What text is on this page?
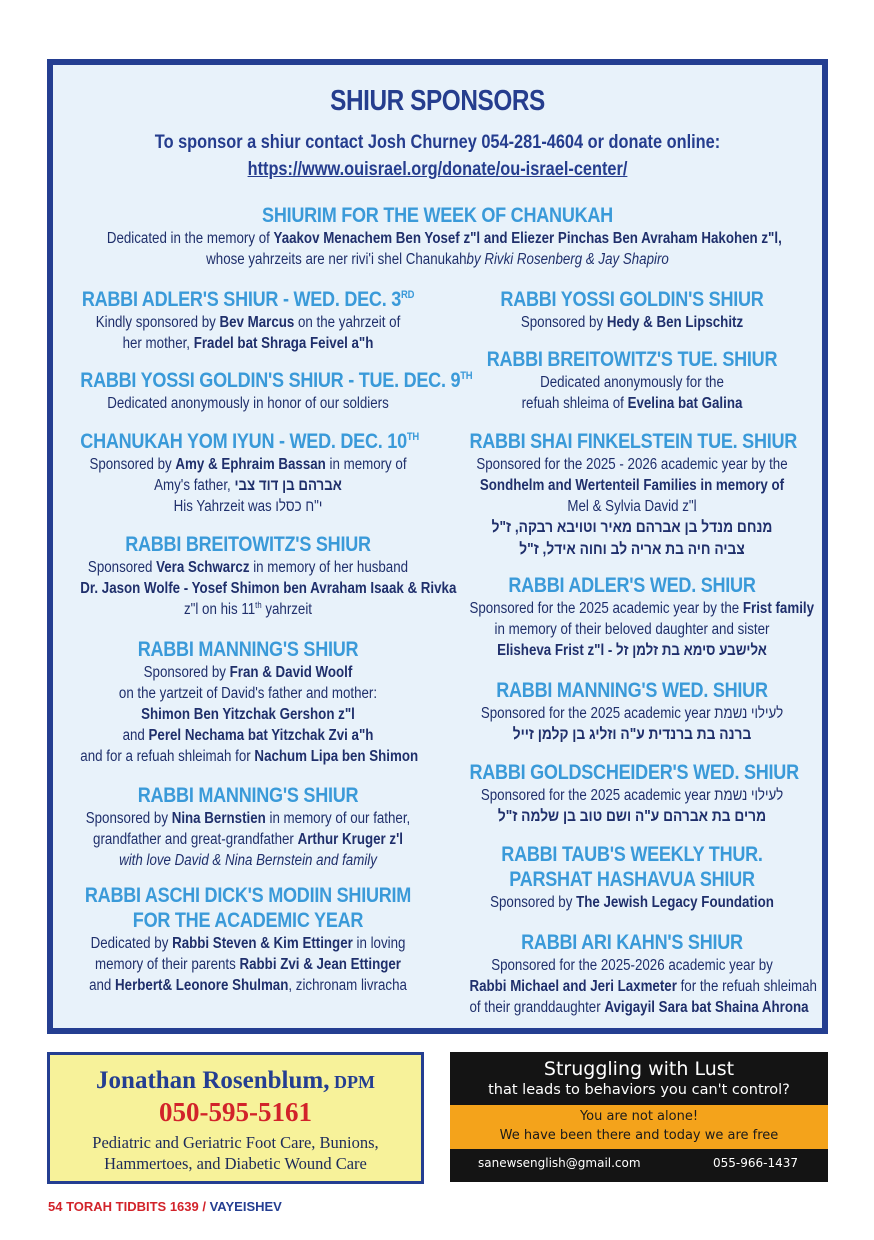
SHIUR SPONSORS
To sponsor a shiur contact Josh Churney 054-281-4604 or donate online:
https://www.ouisrael.org/donate/ou-israel-center/
SHIURIM FOR THE WEEK OF CHANUKAH
Dedicated in the memory of Yaakov Menachem Ben Yosef z"l and Eliezer Pinchas Ben Avraham Hakohen z"l,
whose yahrzeits are ner rivi'i shel Chanukahby Rivki Rosenberg & Jay Shapiro
RABBI ADLER'S SHIUR - WED. DEC. 3RD
Kindly sponsored by Bev Marcus on the yahrzeit of
her mother, Fradel bat Shraga Feivel a"h
RABBI YOSSI GOLDIN'S SHIUR - TUE. DEC. 9TH
Dedicated anonymously in honor of our soldiers
CHANUKAH YOM IYUN - WED. DEC. 10TH
Sponsored by Amy & Ephraim Bassan in memory of
Amy's father, אברהם בן דוד צבי
His Yahrzeit was י"ח כסלו
RABBI BREITOWITZ'S SHIUR
Sponsored Vera Schwarcz in memory of her husband
Dr. Jason Wolfe - Yosef Shimon ben Avraham Isaak & Rivka
z"l on his 11th yahrzeit
RABBI MANNING'S SHIUR
Sponsored by Fran & David Woolf
on the yartzeit of David's father and mother:
Shimon Ben Yitzchak Gershon z"l
and Perel Nechama bat Yitzchak Zvi a"h
and for a refuah shleimah for Nachum Lipa ben Shimon
RABBI MANNING'S SHIUR
Sponsored by Nina Bernstien in memory of our father,
grandfather and great-grandfather Arthur Kruger z'l
with love David & Nina Bernstein and family
RABBI ASCHI DICK'S MODIIN SHIURIM
FOR THE ACADEMIC YEAR
Dedicated by Rabbi Steven & Kim Ettinger in loving
memory of their parents Rabbi Zvi & Jean Ettinger
and Herbert& Leonore Shulman, zichronam livracha
RABBI YOSSI GOLDIN'S SHIUR
Sponsored by Hedy & Ben Lipschitz
RABBI BREITOWITZ'S TUE. SHIUR
Dedicated anonymously for the
refuah shleima of Evelina bat Galina
RABBI SHAI FINKELSTEIN TUE. SHIUR
Sponsored for the 2025 - 2026 academic year by the
Sondhelm and Wertenteil Families in memory of
Mel & Sylvia David z"l
מנחם מנדל בן אברהם מאיר וטויבא רבקה, ז"ל
צביה חיה בת אריה לב וחוה אידל, ז"ל
RABBI ADLER'S WED. SHIUR
Sponsored for the 2025 academic year by the Frist family
in memory of their beloved daughter and sister
Elisheva Frist z"l - אלישבע סימא בת זלמן זל
RABBI MANNING'S WED. SHIUR
Sponsored for the 2025 academic year לעילוי נשמת
ברנה בת ברנדית ע"ה וזליג בן קלמן זייל
RABBI GOLDSCHEIDER'S WED. SHIUR
Sponsored for the 2025 academic year לעילוי נשמת
מרים בת אברהם ע"ה ושם טוב בן שלמה ז"ל
RABBI TAUB'S WEEKLY THUR.
PARSHAT HASHAVUA SHIUR
Sponsored by The Jewish Legacy Foundation
RABBI ARI KAHN'S SHIUR
Sponsored for the 2025-2026 academic year by
Rabbi Michael and Jeri Laxmeter for the refuah shleimah
of their granddaughter Avigayil Sara bat Shaina Ahrona
Jonathan Rosenblum, DPM
050-595-5161
Pediatric and Geriatric Foot Care, Bunions,
Hammertoes, and Diabetic Wound Care
Struggling with Lust
that leads to behaviors you can't control?
You are not alone!
We have been there and today we are free
sanewsenglish@gmail.com	055-966-1437
54 TORAH TIDBITS 1639 / VAYEISHEV
